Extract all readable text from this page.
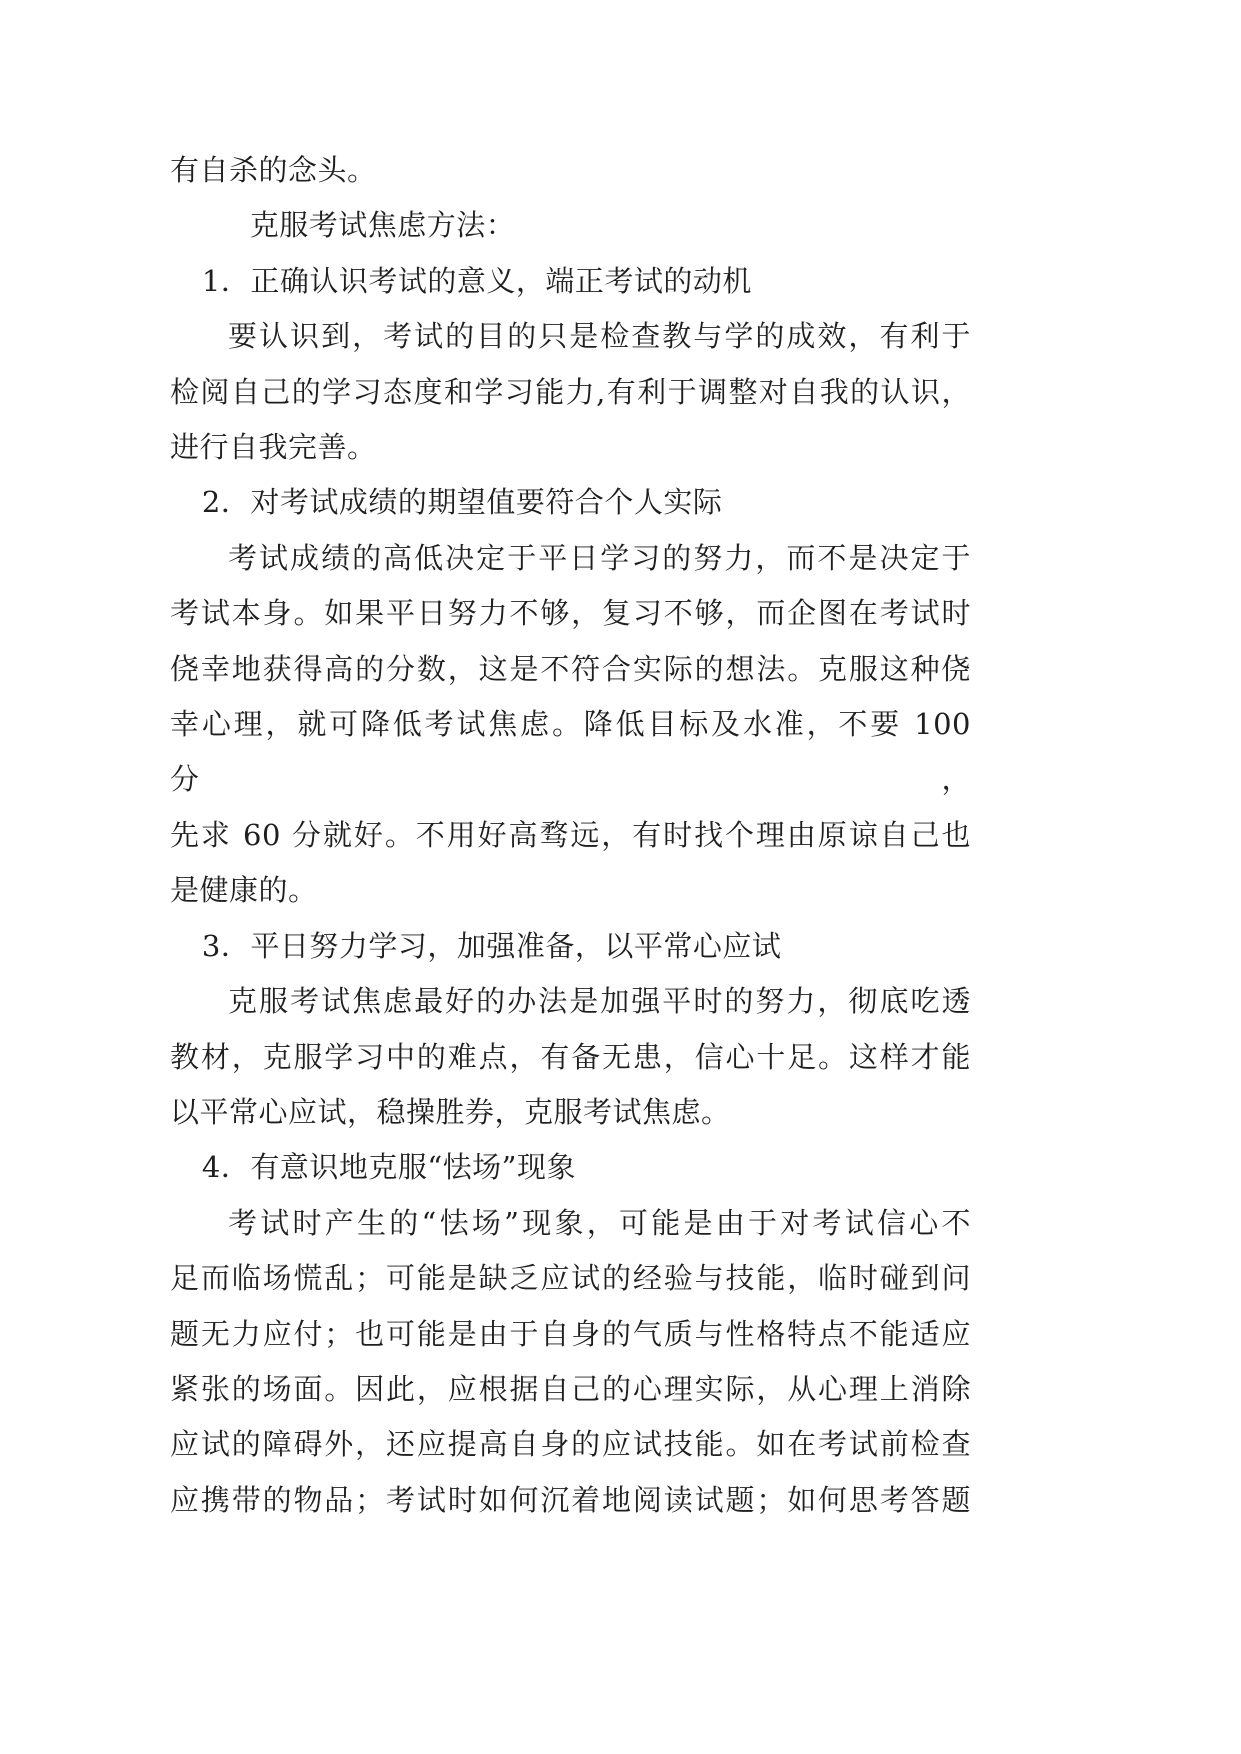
有自杀的念头。
克服考试焦虑方法：
1．正确认识考试的意义，端正考试的动机
要认识到，考试的目的只是检查教与学的成效，有利于
检阅自己的学习态度和学习能力,有利于调整对自我的认识，
进行自我完善。
2．对考试成绩的期望值要符合个人实际
考试成绩的高低决定于平日学习的努力，而不是决定于
考试本身。如果平日努力不够，复习不够，而企图在考试时
侥幸地获得高的分数，这是不符合实际的想法。克服这种侥
幸心理，就可降低考试焦虑。降低目标及水准，不要 100 分，
先求 60 分就好。不用好高骛远，有时找个理由原谅自己也
是健康的。
3．平日努力学习，加强准备，以平常心应试
克服考试焦虑最好的办法是加强平时的努力，彻底吃透
教材，克服学习中的难点，有备无患，信心十足。这样才能
以平常心应试，稳操胜券，克服考试焦虑。
4．有意识地克服“怯场”现象
考试时产生的“怯场”现象，可能是由于对考试信心不
足而临场慌乱；可能是缺乏应试的经验与技能，临时碰到问
题无力应付；也可能是由于自身的气质与性格特点不能适应
紧张的场面。因此，应根据自己的心理实际，从心理上消除
应试的障碍外，还应提高自身的应试技能。如在考试前检查
应携带的物品；考试时如何沉着地阅读试题；如何思考答题
